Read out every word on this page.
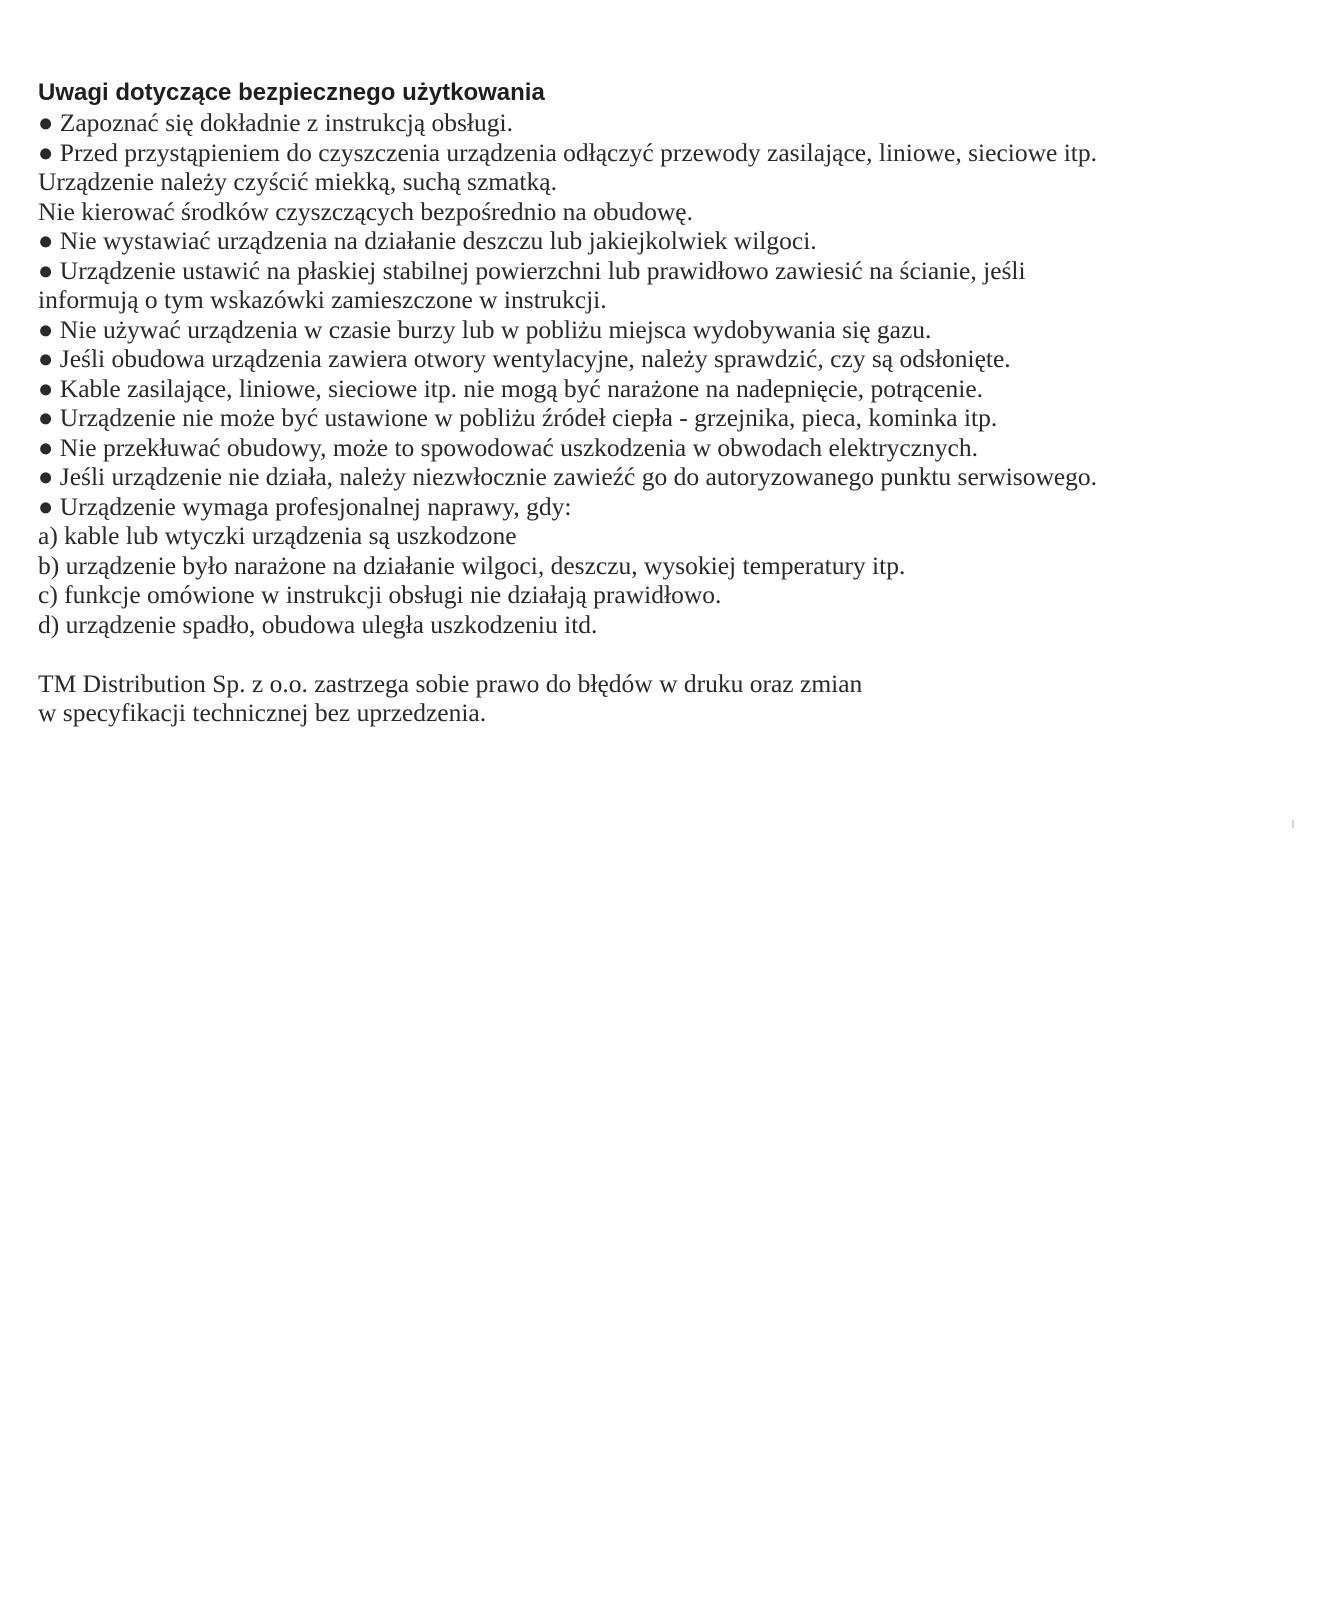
Uwagi dotyczące bezpiecznego użytkowania

● Zapoznać się dokładnie z instrukcją obsługi.

● Przed przystąpieniem do czyszczenia urządzenia odłączyć przewody zasilające, liniowe, sieciowe itp.

Urządzenie należy czyścić miekką, suchą szmatką.

Nie kierować środków czyszczących bezpośrednio na obudowę.

● Nie wystawiać urządzenia na działanie deszczu lub jakiejkolwiek wilgoci.

● Urządzenie ustawić na płaskiej stabilnej powierzchni lub prawidłowo zawiesić na ścianie, jeśli

informują o tym wskazówki zamieszczone w instrukcji.

● Nie używać urządzenia w czasie burzy lub w pobliżu miejsca wydobywania się gazu.

● Jeśli obudowa urządzenia zawiera otwory wentylacyjne, należy sprawdzić, czy są odsłonięte.

● Kable zasilające, liniowe, sieciowe itp. nie mogą być narażone na nadepnięcie, potrącenie.

● Urządzenie nie może być ustawione w pobliżu źródeł ciepła - grzejnika, pieca, kominka itp.

● Nie przekłuwać obudowy, może to spowodować uszkodzenia w obwodach elektrycznych.

● Jeśli urządzenie nie działa, należy niezwłocznie zawieźć go do autoryzowanego punktu serwisowego.

● Urządzenie wymaga profesjonalnej naprawy, gdy:

a) kable lub wtyczki urządzenia są uszkodzone

b) urządzenie było narażone na działanie wilgoci, deszczu, wysokiej temperatury itp.

c) funkcje omówione w instrukcji obsługi nie działają prawidłowo.

d) urządzenie spadło, obudowa uległa uszkodzeniu itd.

TM Distribution Sp. z o.o. zastrzega sobie prawo do błędów w druku oraz zmian

w specyfikacji technicznej bez uprzedzenia.
